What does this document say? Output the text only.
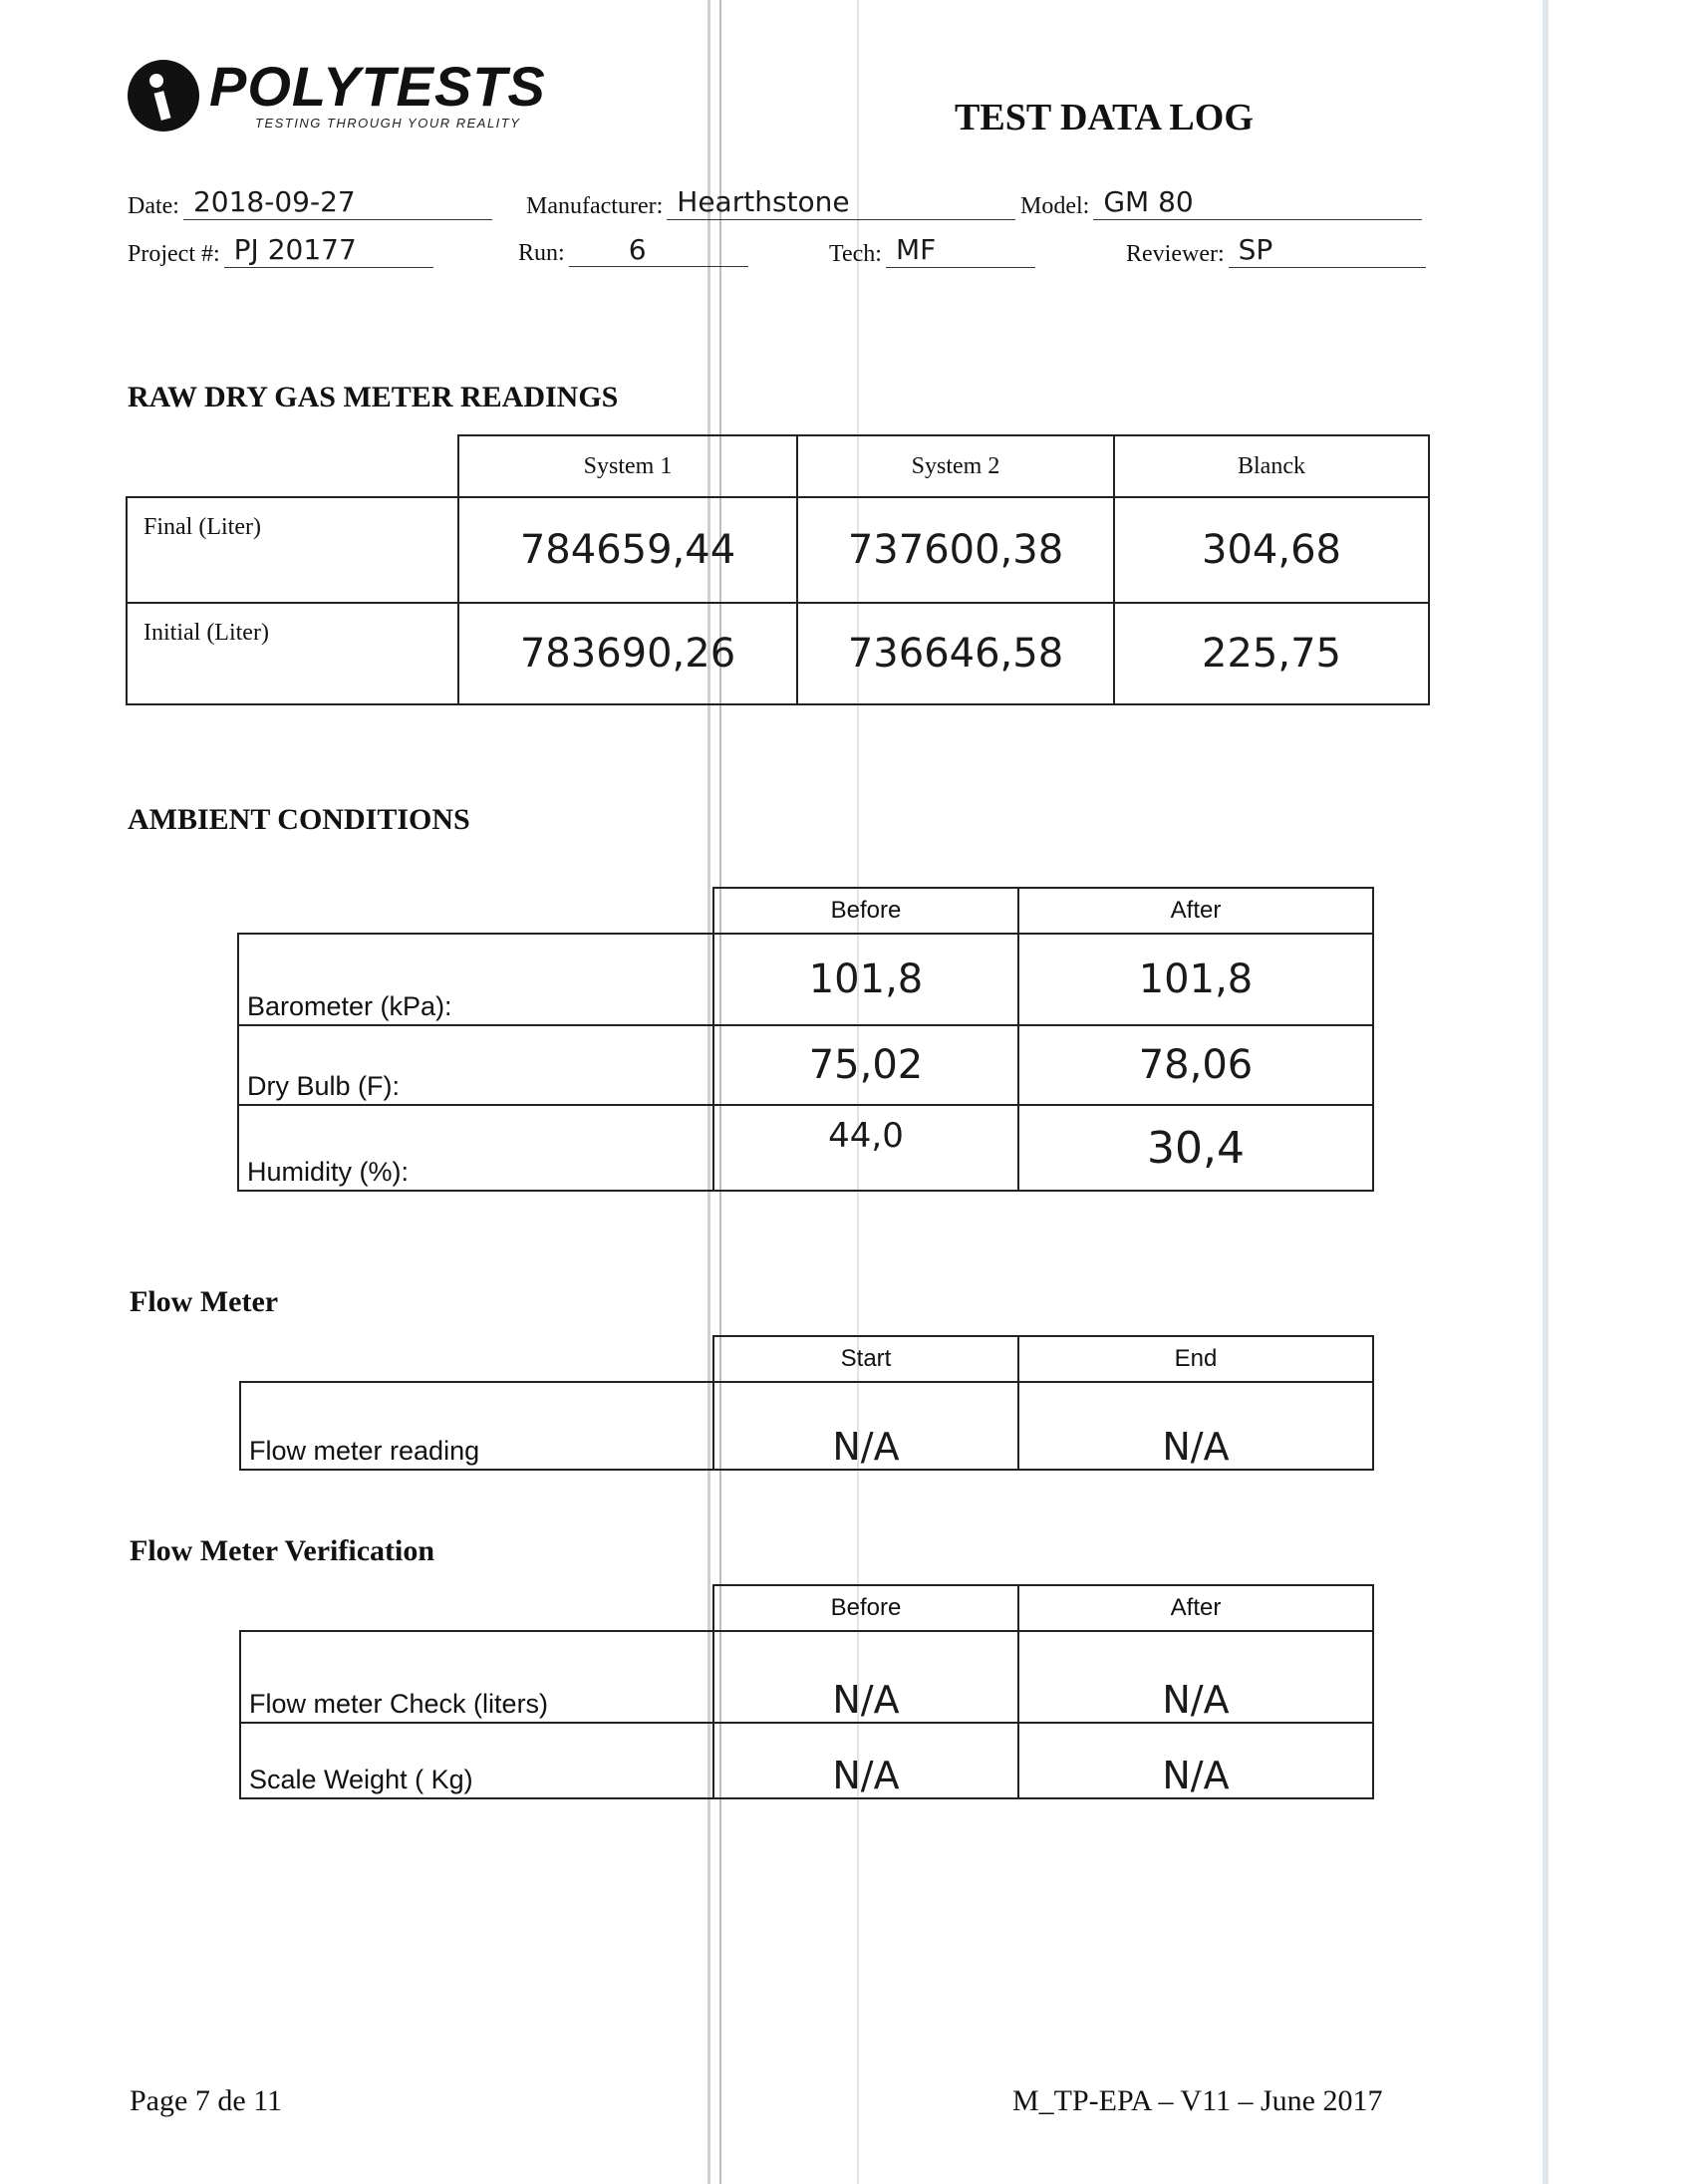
POLYTESTS
TESTING THROUGH YOUR REALITY	TEST DATA LOG
Date: 2018-09-27	Manufacturer: Hearthstone	Model: GM 80
Project #: PJ 20177	Run:	6	Tech: MF	Reviewer: SP
RAW DRY GAS METER READINGS
	System 1	System 2	Blanck
Final (Liter)	784659,44	737600,38	304,68
Initial (Liter)	783690,26	736646,58	225,75
AMBIENT CONDITIONS
	Before	After
Barometer (kPa):	101,8	101,8
Dry Bulb (F):	75,02	78,06
Humidity (%):	44,0	30,4
Flow Meter
	Start	End
Flow meter reading	N/A	N/A
Flow Meter Verification
	Before	After
Flow meter Check (liters)	N/A	N/A
Scale Weight ( Kg)	N/A	N/A
Page 7 de 11	M_TP-EPA – V11 – June 2017
